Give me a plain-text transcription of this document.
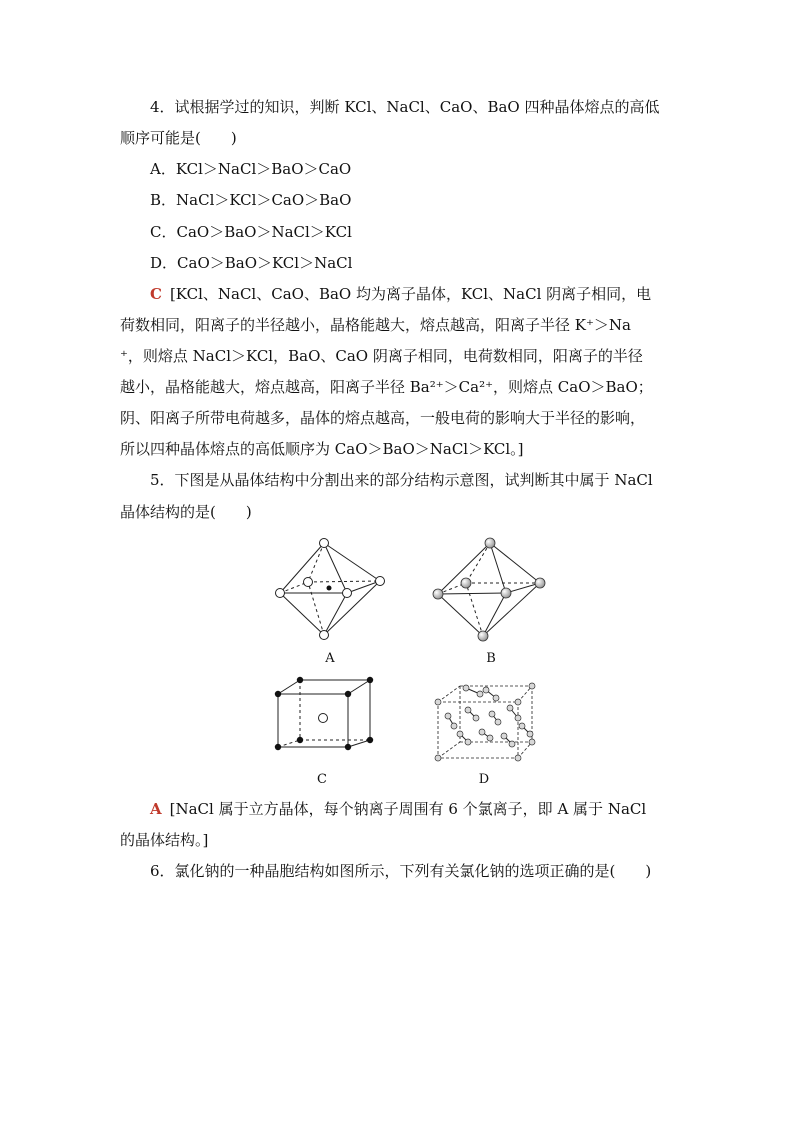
4．试根据学过的知识，判断 KCl、NaCl、CaO、BaO 四种晶体熔点的高低
顺序可能是(　　)
A．KCl＞NaCl＞BaO＞CaO
B．NaCl＞KCl＞CaO＞BaO
C．CaO＞BaO＞NaCl＞KCl
D．CaO＞BaO＞KCl＞NaCl
C [KCl、NaCl、CaO、BaO 均为离子晶体，KCl、NaCl 阴离子相同，电
荷数相同，阳离子的半径越小，晶格能越大，熔点越高，阳离子半径 K⁺＞Na
⁺，则熔点 NaCl＞KCl，BaO、CaO 阴离子相同，电荷数相同，阳离子的半径
越小，晶格能越大，熔点越高，阳离子半径 Ba²⁺＞Ca²⁺，则熔点 CaO＞BaO；
阴、阳离子所带电荷越多，晶体的熔点越高，一般电荷的影响大于半径的影响，
所以四种晶体熔点的高低顺序为 CaO＞BaO＞NaCl＞KCl。]
5．下图是从晶体结构中分割出来的部分结构示意图，试判断其中属于 NaCl
晶体结构的是(　　)
A	B
C	D
A [NaCl 属于立方晶体，每个钠离子周围有 6 个氯离子，即 A 属于 NaCl
的晶体结构。]
6．氯化钠的一种晶胞结构如图所示，下列有关氯化钠的选项正确的是(　　)
